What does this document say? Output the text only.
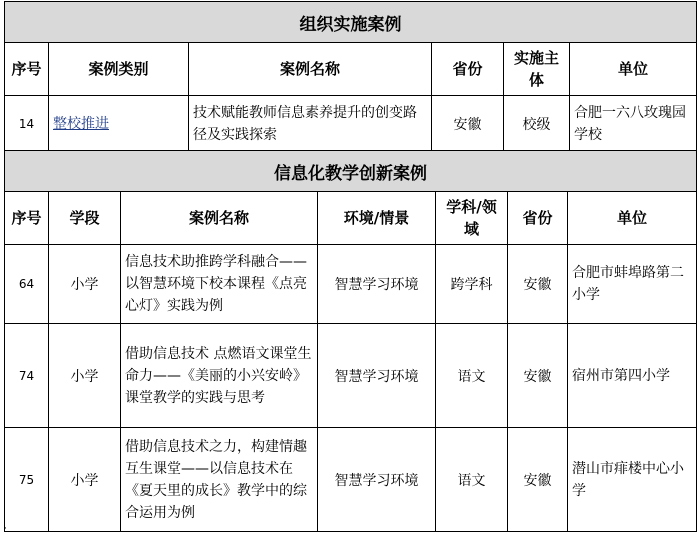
组织实施案例					
序号	案例类别	案例名称	省份	实施主体	单位
14	整校推进	技术赋能教师信息素养提升的创变路径及实践探索	安徽	校级	合肥一六八玫瑰园学校
信息化教学创新案例						
序号	学段	案例名称	环境/情景	学科/领域	省份	单位
64	小学	信息技术助推跨学科融合——以智慧环境下校本课程《点亮心灯》实践为例	智慧学习环境	跨学科	安徽	合肥市蚌埠路第二小学
74	小学	借助信息技术 点燃语文课堂生命力——《美丽的小兴安岭》课堂教学的实践与思考	智慧学习环境	语文	安徽	宿州市第四小学
75	小学	借助信息技术之力，构建情趣互生课堂——以信息技术在《夏天里的成长》教学中的综合运用为例	智慧学习环境	语文	安徽	潜山市痱楼中心小学
·
